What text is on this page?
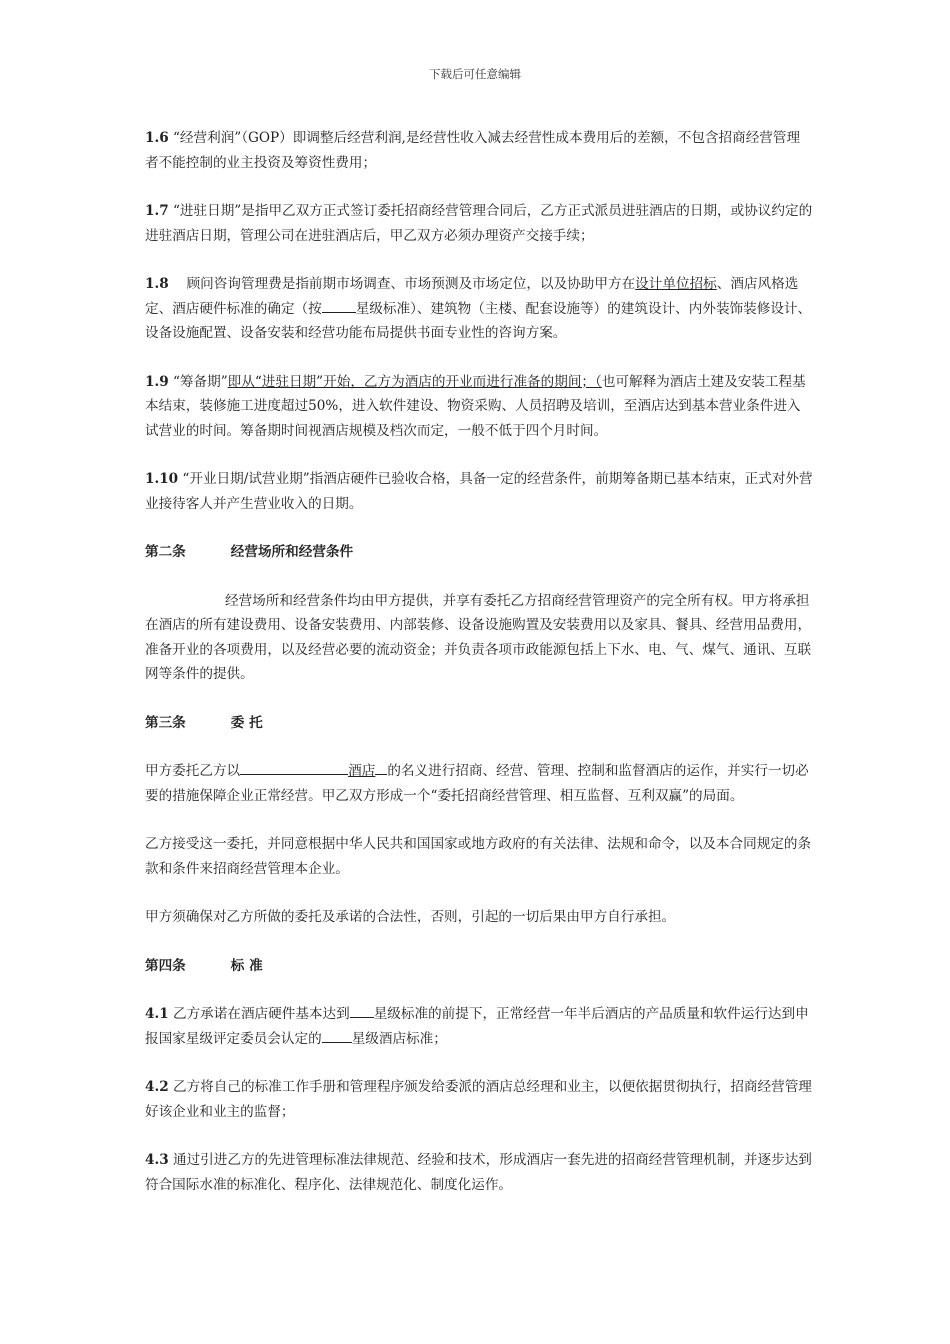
下载后可任意编辑

1.6 “经营利润”（GOP）即调整后经营利润,是经营性收入减去经营性成本费用后的差额，不包含招商经营管理者不能控制的业主投资及筹资性费用；

1.7 “进驻日期”是指甲乙双方正式签订委托招商经营管理合同后，乙方正式派员进驻酒店的日期，或协议约定的进驻酒店日期，管理公司在进驻酒店后，甲乙双方必须办理资产交接手续；

1.8　 顾问咨询管理费是指前期市场调查、市场预测及市场定位，以及协助甲方在设计单位招标、酒店风格选定、酒店硬件标准的确定（按	星级标准）、建筑物（主楼、配套设施等）的建筑设计、内外装饰装修设计、设备设施配置、设备安装和经营功能布局提供书面专业性的咨询方案。

1.9 “筹备期”即从“进驻日期”开始，乙方为酒店的开业而进行准备的期间；（也可解释为酒店土建及安装工程基本结束，装修施工进度超过50%，进入软件建设、物资采购、人员招聘及培训，至酒店达到基本营业条件进入试营业的时间。筹备期时间视酒店规模及档次而定，一般不低于四个月时间。

1.10 “开业日期/试营业期”指酒店硬件已验收合格，具备一定的经营条件，前期筹备期已基本结束，正式对外营业接待客人并产生营业收入的日期。

第二条	经营场所和经营条件

经营场所和经营条件均由甲方提供，并享有委托乙方招商经营管理资产的完全所有权。甲方将承担在酒店的所有建设费用、设备安装费用、内部装修、设备设施购置及安装费用以及家具、餐具、经营用品费用，准备开业的各项费用，以及经营必要的流动资金；并负责各项市政能源包括上下水、电、气、煤气、通讯、互联网等条件的提供。

第三条	委 托

甲方委托乙方以	酒店 的名义进行招商、经营、管理、控制和监督酒店的运作，并实行一切必要的措施保障企业正常经营。甲乙双方形成一个“委托招商经营管理、相互监督、互利双赢”的局面。

乙方接受这一委托，并同意根据中华人民共和国国家或地方政府的有关法律、法规和命令，以及本合同规定的条款和条件来招商经营管理本企业。

甲方须确保对乙方所做的委托及承诺的合法性，否则，引起的一切后果由甲方自行承担。

第四条	标 准

4.1 乙方承诺在酒店硬件基本达到 星级标准的前提下，正常经营一年半后酒店的产品质量和软件运行达到申报国家星级评定委员会认定的 星级酒店标准；

4.2 乙方将自己的标准工作手册和管理程序颁发给委派的酒店总经理和业主，以便依据贯彻执行，招商经营管理好该企业和业主的监督；

4.3 通过引进乙方的先进管理标准法律规范、经验和技术，形成酒店一套先进的招商经营管理机制，并逐步达到符合国际水准的标准化、程序化、法律规范化、制度化运作。
